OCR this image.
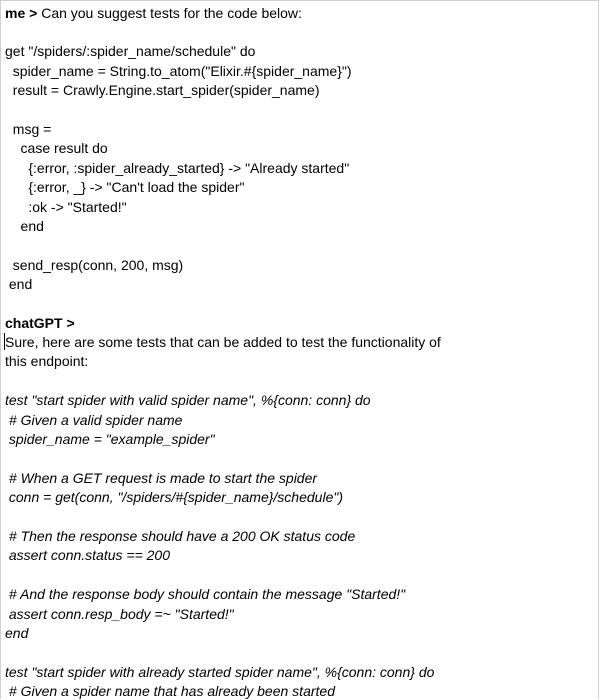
me > Can you suggest tests for the code below:
get "/spiders/:spider_name/schedule" do
spider_name = String.to_atom("Elixir.#{spider_name}")
result = Crawly.Engine.start_spider(spider_name)
msg =
case result do
{:error, :spider_already_started} -> "Already started"
{:error, _} -> "Can't load the spider"
:ok -> "Started!"
end
send_resp(conn, 200, msg)
end
chatGPT >
Sure, here are some tests that can be added to test the functionality of
this endpoint:
test "start spider with valid spider name", %{conn: conn} do
# Given a valid spider name
spider_name = "example_spider"
# When a GET request is made to start the spider
conn = get(conn, "/spiders/#{spider_name}/schedule")
# Then the response should have a 200 OK status code
assert conn.status == 200
# And the response body should contain the message "Started!"
assert conn.resp_body =~ "Started!"
end
test "start spider with already started spider name", %{conn: conn} do
# Given a spider name that has already been started
